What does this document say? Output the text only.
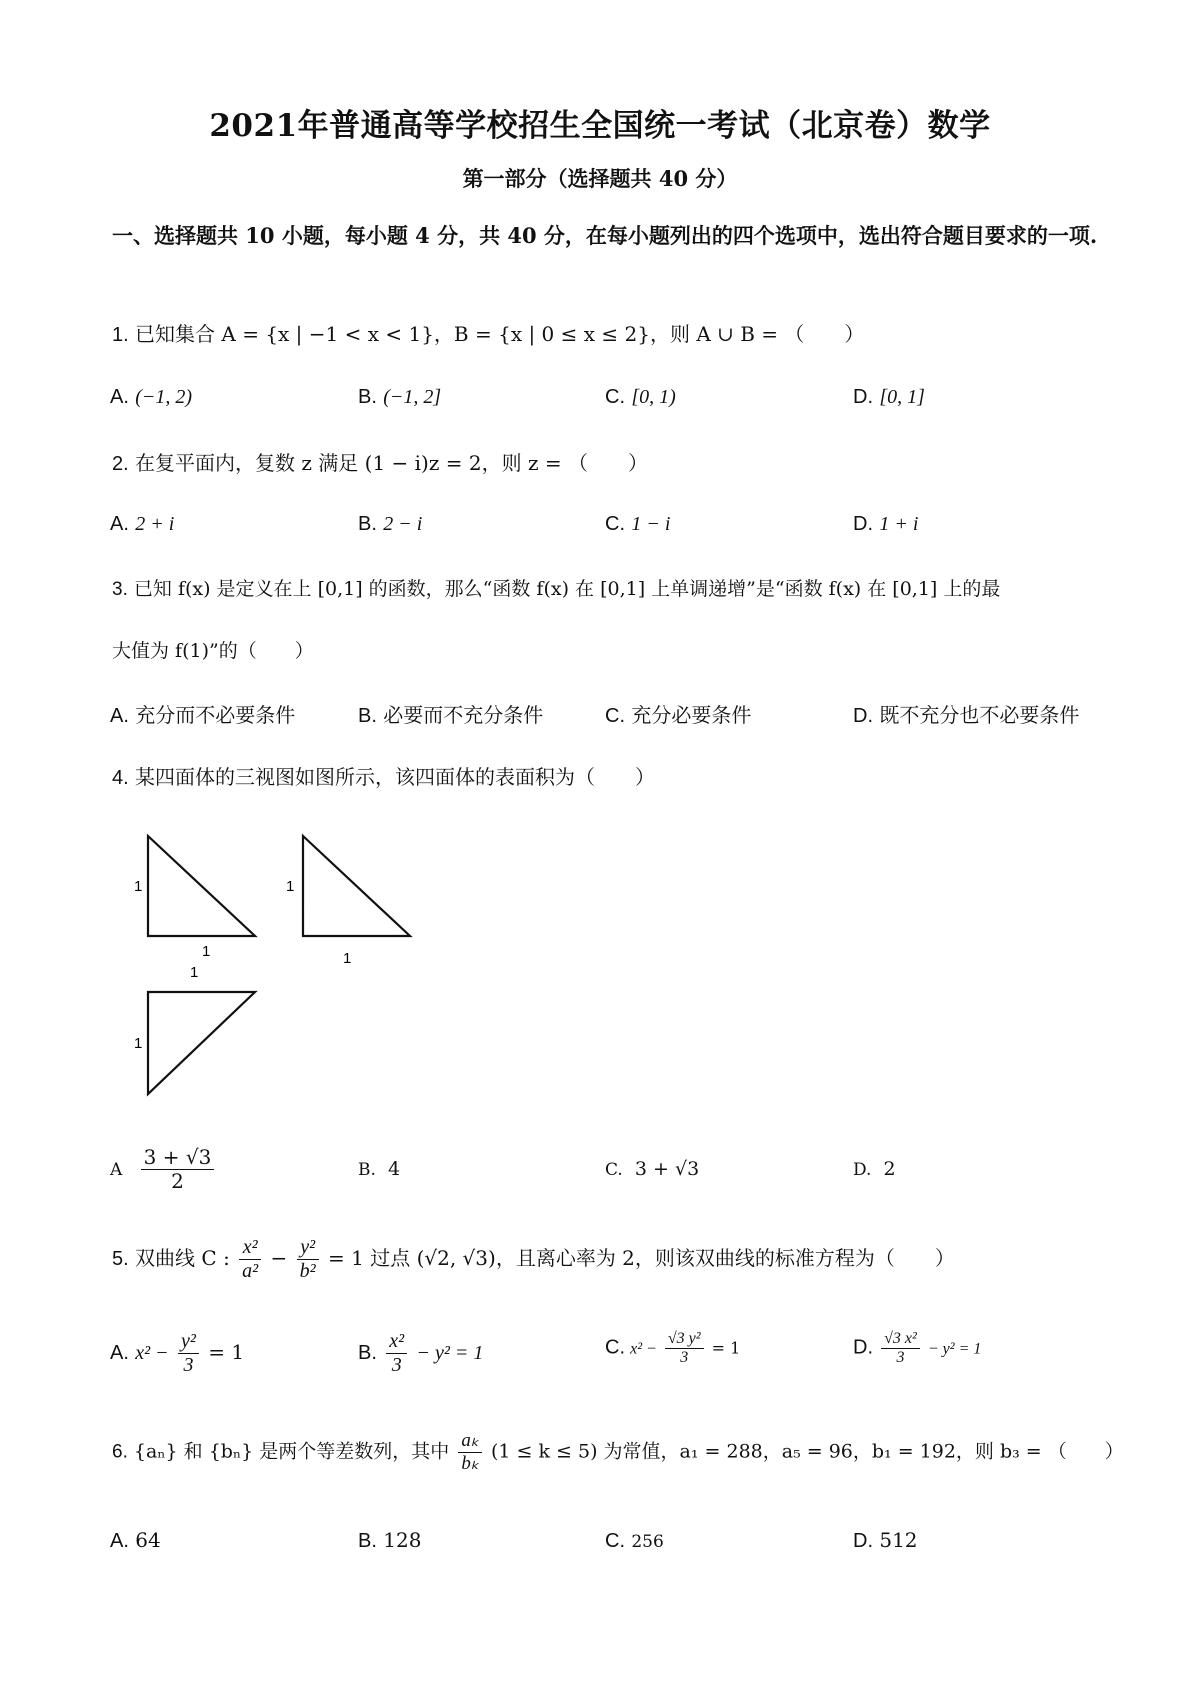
2021年普通高等学校招生全国统一考试（北京卷）数学
第一部分（选择题共 40 分）
一、选择题共 10 小题，每小题 4 分，共 40 分，在每小题列出的四个选项中，选出符合题目要求的一项.
1. 已知集合 A = {x | −1 < x < 1}，B = {x | 0 ≤ x ≤ 2}，则 A ∪ B = （　　）
A. (−1, 2)	B. (−1, 2]	C. [0, 1)	D. [0, 1]
2. 在复平面内，复数 z 满足 (1 − i)z = 2，则 z = （　　）
A. 2 + i	B. 2 − i	C. 1 − i	D. 1 + i
3. 已知 f(x) 是定义在上 [0,1] 的函数，那么“函数 f(x) 在 [0,1] 上单调递增”是“函数 f(x) 在 [0,1] 上的最
大值为 f(1)”的（　　）
A. 充分而不必要条件	B. 必要而不充分条件	C. 充分必要条件	D. 既不充分也不必要条件
4. 某四面体的三视图如图所示，该四面体的表面积为（　　）
1
1
1
1
1
1
A $\frac{3 + √3}{2}$	B. 4	C. 3 + √3	D. 2
5. 双曲线 C : $\frac{\text{x²}}{\text{a²}} - \frac{\text{y²}}{\text{b²}} = 1$ 过点 (√2, √3)，且离心率为 2，则该双曲线的标准方程为（　　）
A. $x^2 - \frac{\text{y²}}{3} = 1$	B. $\frac{\text{x²}}{3} - y^2 = 1$	C. $x^2 - \frac{\text{√3 y²}}{3} = 1$	D. $\frac{\text{√3 x²}}{3} - y^2 = 1$
6. {aₙ} 和 {bₙ} 是两个等差数列，其中 $\frac{\text{aₖ}}{\text{bₖ}} (1 \le k \le 5)$ 为常值，a₁ = 288，a₅ = 96，b₁ = 192，则 b₃ = （　　）
A. 64	B. 128	C. 256	D. 512
